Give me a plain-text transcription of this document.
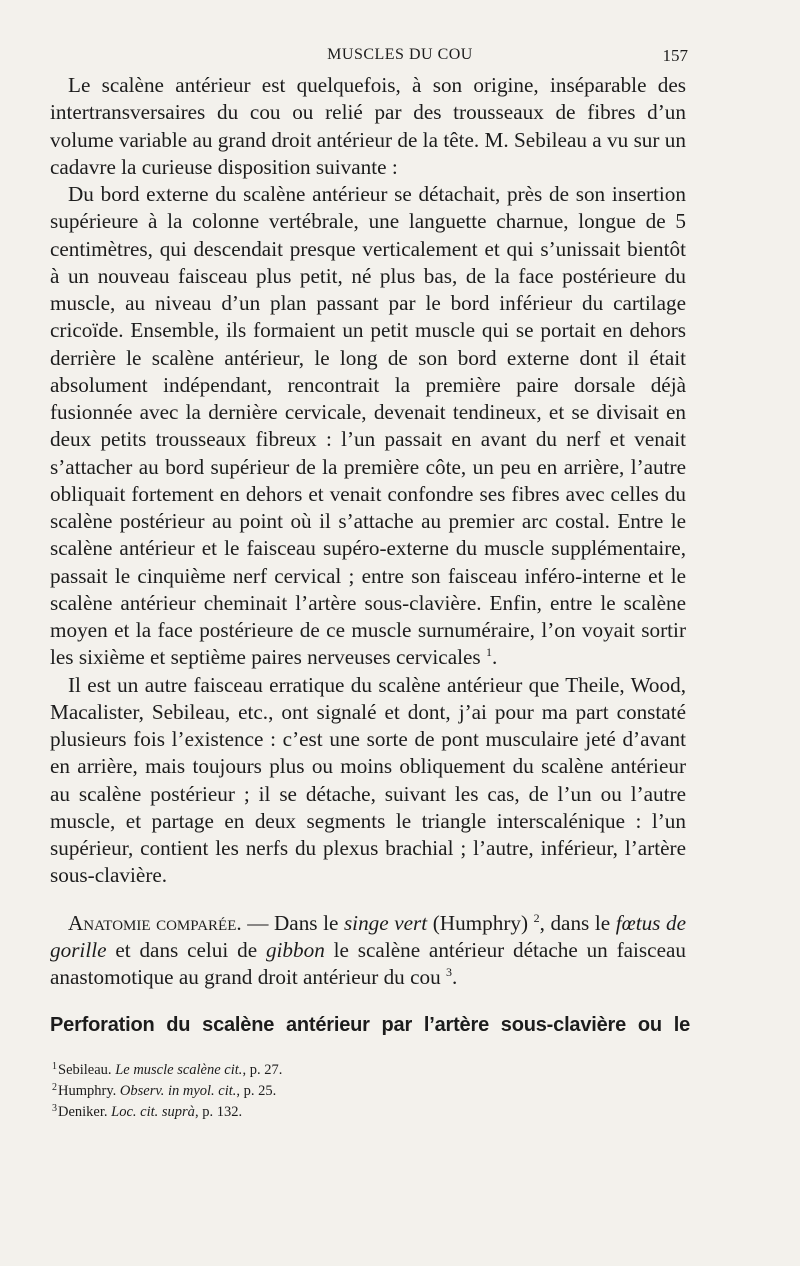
MUSCLES DU COU	157

Le scalène antérieur est quelquefois, à son origine, inséparable des intertransversaires du cou ou relié par des trousseaux de fibres d’un volume variable au grand droit antérieur de la tête. M. Sebileau a vu sur un cadavre la curieuse disposition suivante :

Du bord externe du scalène antérieur se détachait, près de son insertion supérieure à la colonne vertébrale, une languette charnue, longue de 5 centimètres, qui descendait presque verticalement et qui s’unissait bientôt à un nouveau faisceau plus petit, né plus bas, de la face postérieure du muscle, au niveau d’un plan passant par le bord inférieur du cartilage cricoïde. Ensemble, ils formaient un petit muscle qui se portait en dehors derrière le scalène antérieur, le long de son bord externe dont il était absolument indépendant, rencontrait la première paire dorsale déjà fusionnée avec la dernière cervicale, devenait tendineux, et se divisait en deux petits trousseaux fibreux : l’un passait en avant du nerf et venait s’attacher au bord supérieur de la première côte, un peu en arrière, l’autre obliquait fortement en dehors et venait confondre ses fibres avec celles du scalène postérieur au point où il s’attache au premier arc costal. Entre le scalène antérieur et le faisceau supéro-externe du muscle supplémentaire, passait le cinquième nerf cervical ; entre son faisceau inféro-interne et le scalène antérieur cheminait l’artère sous-clavière. Enfin, entre le scalène moyen et la face postérieure de ce muscle surnuméraire, l’on voyait sortir les sixième et septième paires nerveuses cervicales $^1$.

Il est un autre faisceau erratique du scalène antérieur que Theile, Wood, Macalister, Sebileau, etc., ont signalé et dont, j’ai pour ma part constaté plusieurs fois l’existence : c’est une sorte de pont musculaire jeté d’avant en arrière, mais toujours plus ou moins obliquement du scalène antérieur au scalène postérieur ; il se détache, suivant les cas, de l’un ou l’autre muscle, et partage en deux segments le triangle interscalénique : l’un supérieur, contient les nerfs du plexus brachial ; l’autre, inférieur, l’artère sous-clavière.

Anatomie comparée. — Dans le singe vert (Humphry) $^2$, dans le fœtus de gorille et dans celui de gibbon le scalène antérieur détache un faisceau anastomotique au grand droit antérieur du cou $^3$.

Perforation du scalène antérieur par l’artère sous-clavière ou le
$^1$Sebileau. Le muscle scalène cit., p. 27.
$^2$Humphry. Observ. in myol. cit., p. 25.
$^3$Deniker. Loc. cit. suprà, p. 132.
